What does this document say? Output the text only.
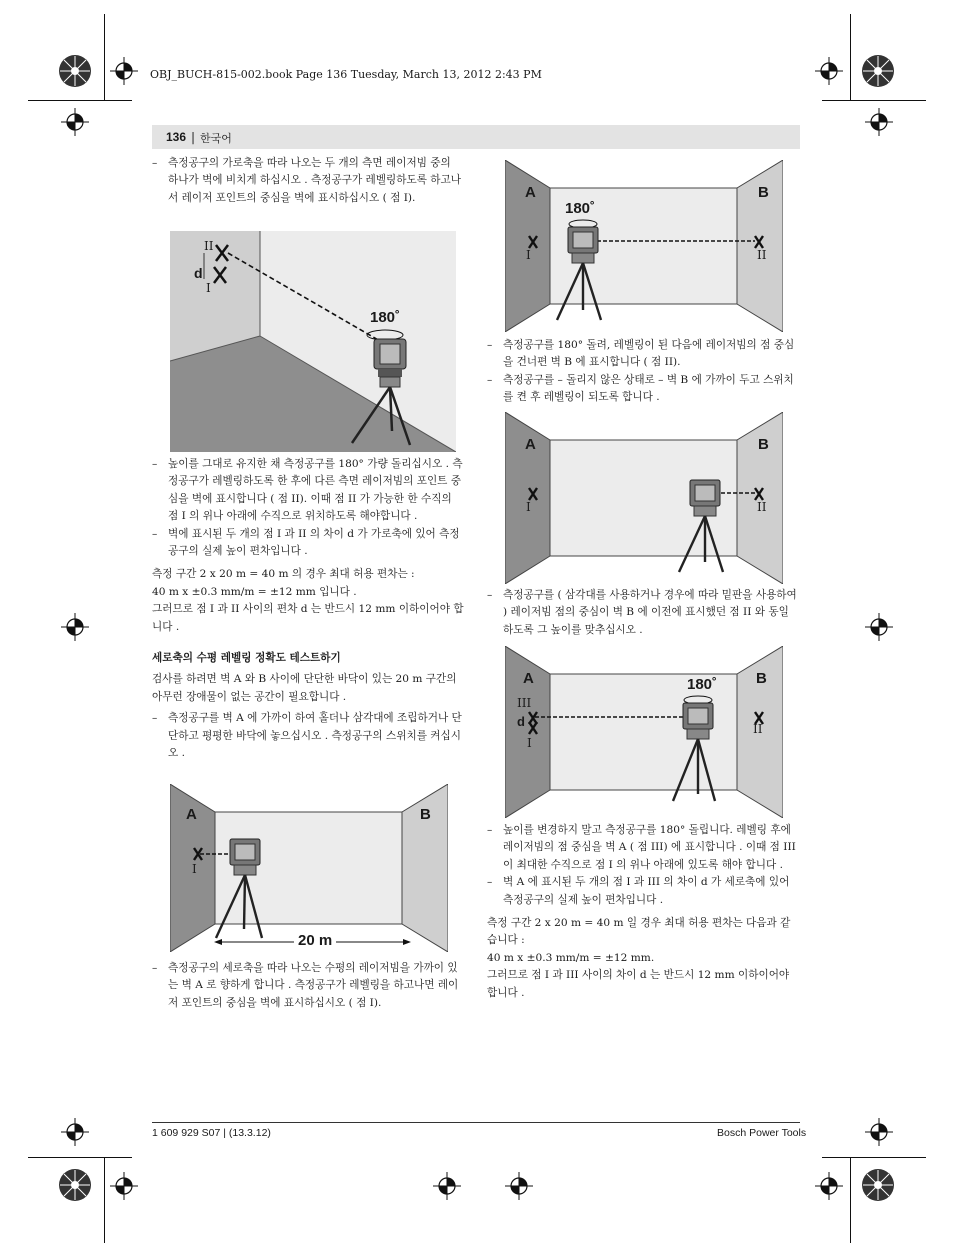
OBJ_BUCH-815-002.book Page 136 Tuesday, March 13, 2012 2:43 PM
136 | 한국어

– 측정공구의 가로축을 따라 나오는 두 개의 측면 레이저빔 중의 하나가 벽에 비치게 하십시오 . 측정공구가 레벨링하도록 하고나서 레이저 포인트의 중심을 벽에 표시하십시오 ( 점 I).

II
d
I
180˚

– 높이를 그대로 유지한 채 측정공구를 180° 가량 돌리십시오 . 측정공구가 레벨링하도록 한 후에 다른 측면 레이저빔의 포인트 중심을 벽에 표시합니다 ( 점 II). 이때 점 II 가 가능한 한 수직의 점 I 의 위나 아래에 수직으로 위치하도록 해야합니다 .

– 벽에 표시된 두 개의 점 I 과 II 의 차이 d 가 가로축에 있어 측정공구의 실제 높이 편차입니다 .

측정 구간 2 x 20 m = 40 m 의 경우 최대 허용 편차는 :

40 m x ±0.3 mm/m = ±12 mm 입니다 .

그러므로 점 I 과 II 사이의 편차 d 는 반드시 12 mm 이하이어야 합니다 .

세로축의 수평 레벨링 정확도 테스트하기

검사를 하려면 벽 A 와 B 사이에 단단한 바닥이 있는 20 m 구간의 아무런 장애물이 없는 공간이 필요합니다 .

– 측정공구를 벽 A 에 가까이 하여 홀더나 삼각대에 조립하거나 단단하고 평평한 바닥에 놓으십시오 . 측정공구의 스위치를 켜십시오 .

A	B
I
20 m

– 측정공구의 세로축을 따라 나오는 수평의 레이저빔을 가까이 있는 벽 A 로 향하게 합니다 . 측정공구가 레벨링을 하고나면 레이저 포인트의 중심을 벽에 표시하십시오 ( 점 I).

A	B
180˚
I	II

– 측정공구를 180° 돌려, 레벨링이 된 다음에 레이저빔의 점 중심을 건너편 벽 B 에 표시합니다 ( 점 II).

– 측정공구를 – 돌리지 않은 상태로 – 벽 B 에 가까이 두고 스위치를 켠 후 레벨링이 되도록 합니다 .

A	B
I	II

– 측정공구를 ( 삼각대를 사용하거나 경우에 따라 밑판을 사용하여 ) 레이저빔 점의 중심이 벽 B 에 이전에 표시했던 점 II 와 동일하도록 그 높이를 맞추십시오 .

A	B
180˚
III
d
I
II

– 높이를 변경하지 말고 측정공구를 180° 돌립니다. 레벨링 후에 레이저빔의 점 중심을 벽 A ( 점 III) 에 표시합니다 . 이때 점 III 이 최대한 수직으로 점 I 의 위나 아래에 있도록 해야 합니다 .

– 벽 A 에 표시된 두 개의 점 I 과 III 의 차이 d 가 세로축에 있어 측정공구의 실제 높이 편차입니다 .

측정 구간 2 x 20 m = 40 m 일 경우 최대 허용 편차는 다음과 같습니다 :

40 m x ±0.3 mm/m = ±12 mm.

그러므로 점 I 과 III 사이의 차이 d 는 반드시 12 mm 이하이어야 합니다 .

1 609 929 S07 | (13.3.12)	Bosch Power Tools
